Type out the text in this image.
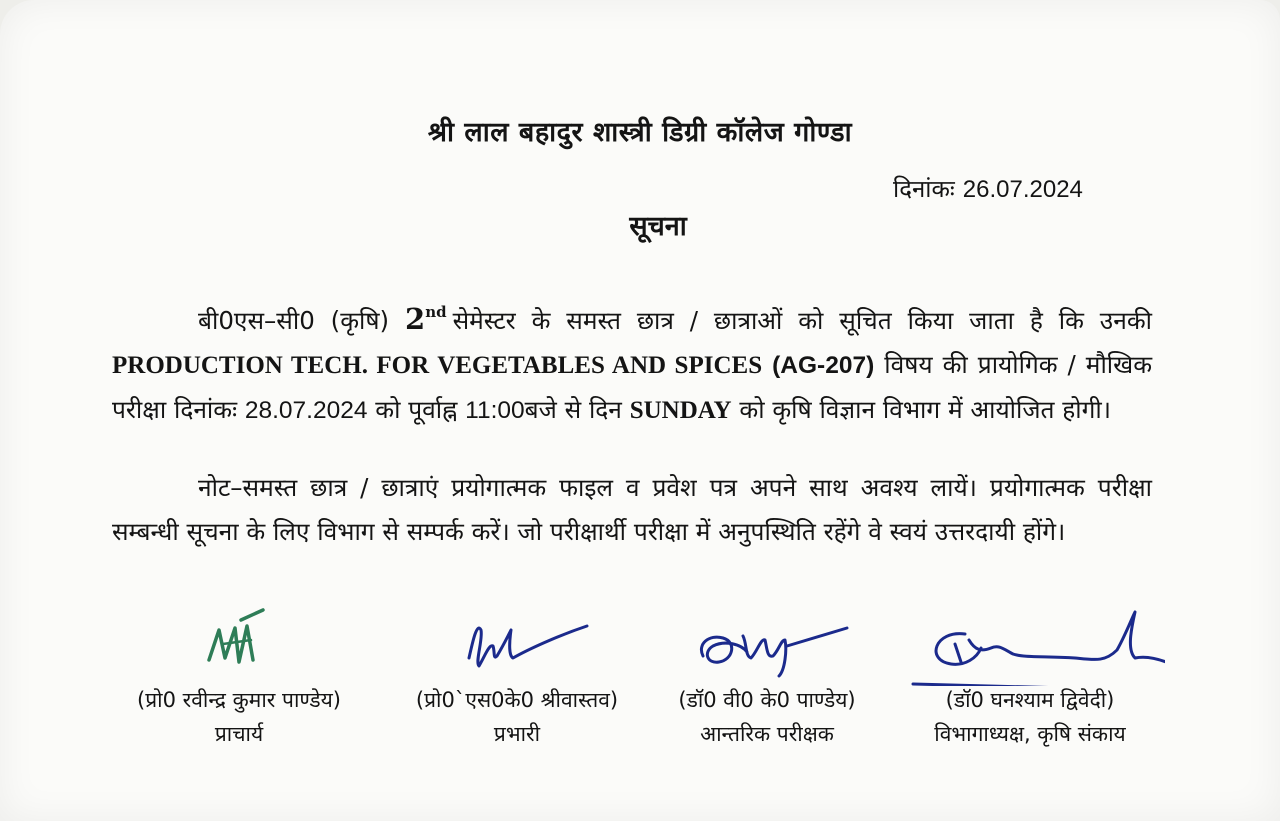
श्री लाल बहादुर शास्त्री डिग्री कॉलेज गोण्डा
दिनांकः 26.07.2024
सूचना
बी0एस–सी0 (कृषि) 2nd सेमेस्टर के समस्त छात्र / छात्राओं को सूचित किया जाता है कि उनकी PRODUCTION TECH. FOR VEGETABLES AND SPICES (AG-207) विषय की प्रायोगिक / मौखिक परीक्षा दिनांकः 28.07.2024 को पूर्वाह्न 11:00बजे से दिन SUNDAY को कृषि विज्ञान विभाग में आयोजित होगी।
नोट–समस्त छात्र / छात्राएं प्रयोगात्मक फाइल व प्रवेश पत्र अपने साथ अवश्य लायें। प्रयोगात्मक परीक्षा सम्बन्धी सूचना के लिए विभाग से सम्पर्क करें। जो परीक्षार्थी परीक्षा में अनुपस्थिति रहेंगे वे स्वयं उत्तरदायी होंगे।
(प्रो0 रवीन्द्र कुमार पाण्डेय)
प्राचार्य
(प्रो0`एस0के0 श्रीवास्तव)
प्रभारी
(डॉ0 वी0 के0 पाण्डेय)
आन्तरिक परीक्षक
(डॉ0 घनश्याम द्विवेदी)
विभागाध्यक्ष, कृषि संकाय
